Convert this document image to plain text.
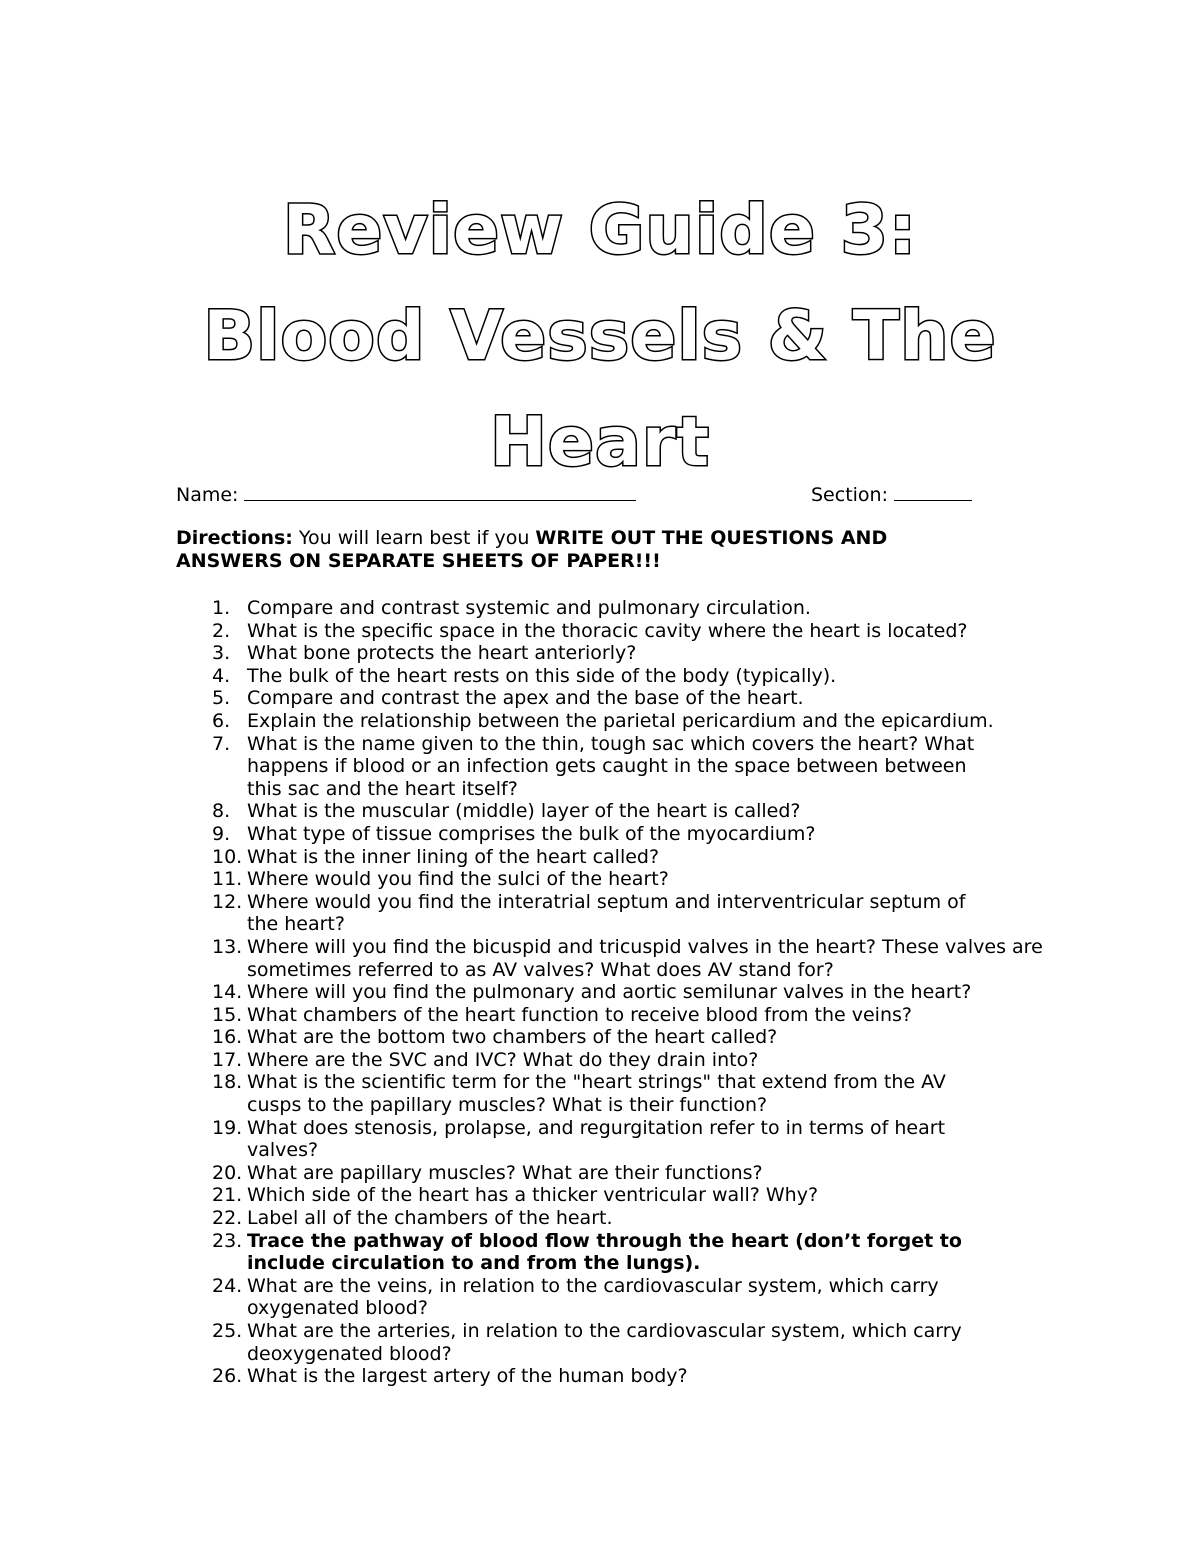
Review Guide 3:
Blood Vessels & The
Heart
Name:	Section:
Directions: You will learn best if you WRITE OUT THE QUESTIONS AND ANSWERS ON SEPARATE SHEETS OF PAPER!!!
1. Compare and contrast systemic and pulmonary circulation.
2. What is the specific space in the thoracic cavity where the heart is located?
3. What bone protects the heart anteriorly?
4. The bulk of the heart rests on this side of the body (typically).
5. Compare and contrast the apex and the base of the heart.
6. Explain the relationship between the parietal pericardium and the epicardium.
7. What is the name given to the thin, tough sac which covers the heart? What happens if blood or an infection gets caught in the space between between this sac and the heart itself?
8. What is the muscular (middle) layer of the heart is called?
9. What type of tissue comprises the bulk of the myocardium?
10. What is the inner lining of the heart called?
11. Where would you find the sulci of the heart?
12. Where would you find the interatrial septum and interventricular septum of the heart?
13. Where will you find the bicuspid and tricuspid valves in the heart? These valves are sometimes referred to as AV valves? What does AV stand for?
14. Where will you find the pulmonary and aortic semilunar valves in the heart?
15. What chambers of the heart function to receive blood from the veins?
16. What are the bottom two chambers of the heart called?
17. Where are the SVC and IVC? What do they drain into?
18. What is the scientific term for the "heart strings" that extend from the AV cusps to the papillary muscles? What is their function?
19. What does stenosis, prolapse, and regurgitation refer to in terms of heart valves?
20. What are papillary muscles? What are their functions?
21. Which side of the heart has a thicker ventricular wall? Why?
22. Label all of the chambers of the heart.
23. Trace the pathway of blood flow through the heart (don’t forget to include circulation to and from the lungs).
24. What are the veins, in relation to the cardiovascular system, which carry oxygenated blood?
25. What are the arteries, in relation to the cardiovascular system, which carry deoxygenated blood?
26. What is the largest artery of the human body?
